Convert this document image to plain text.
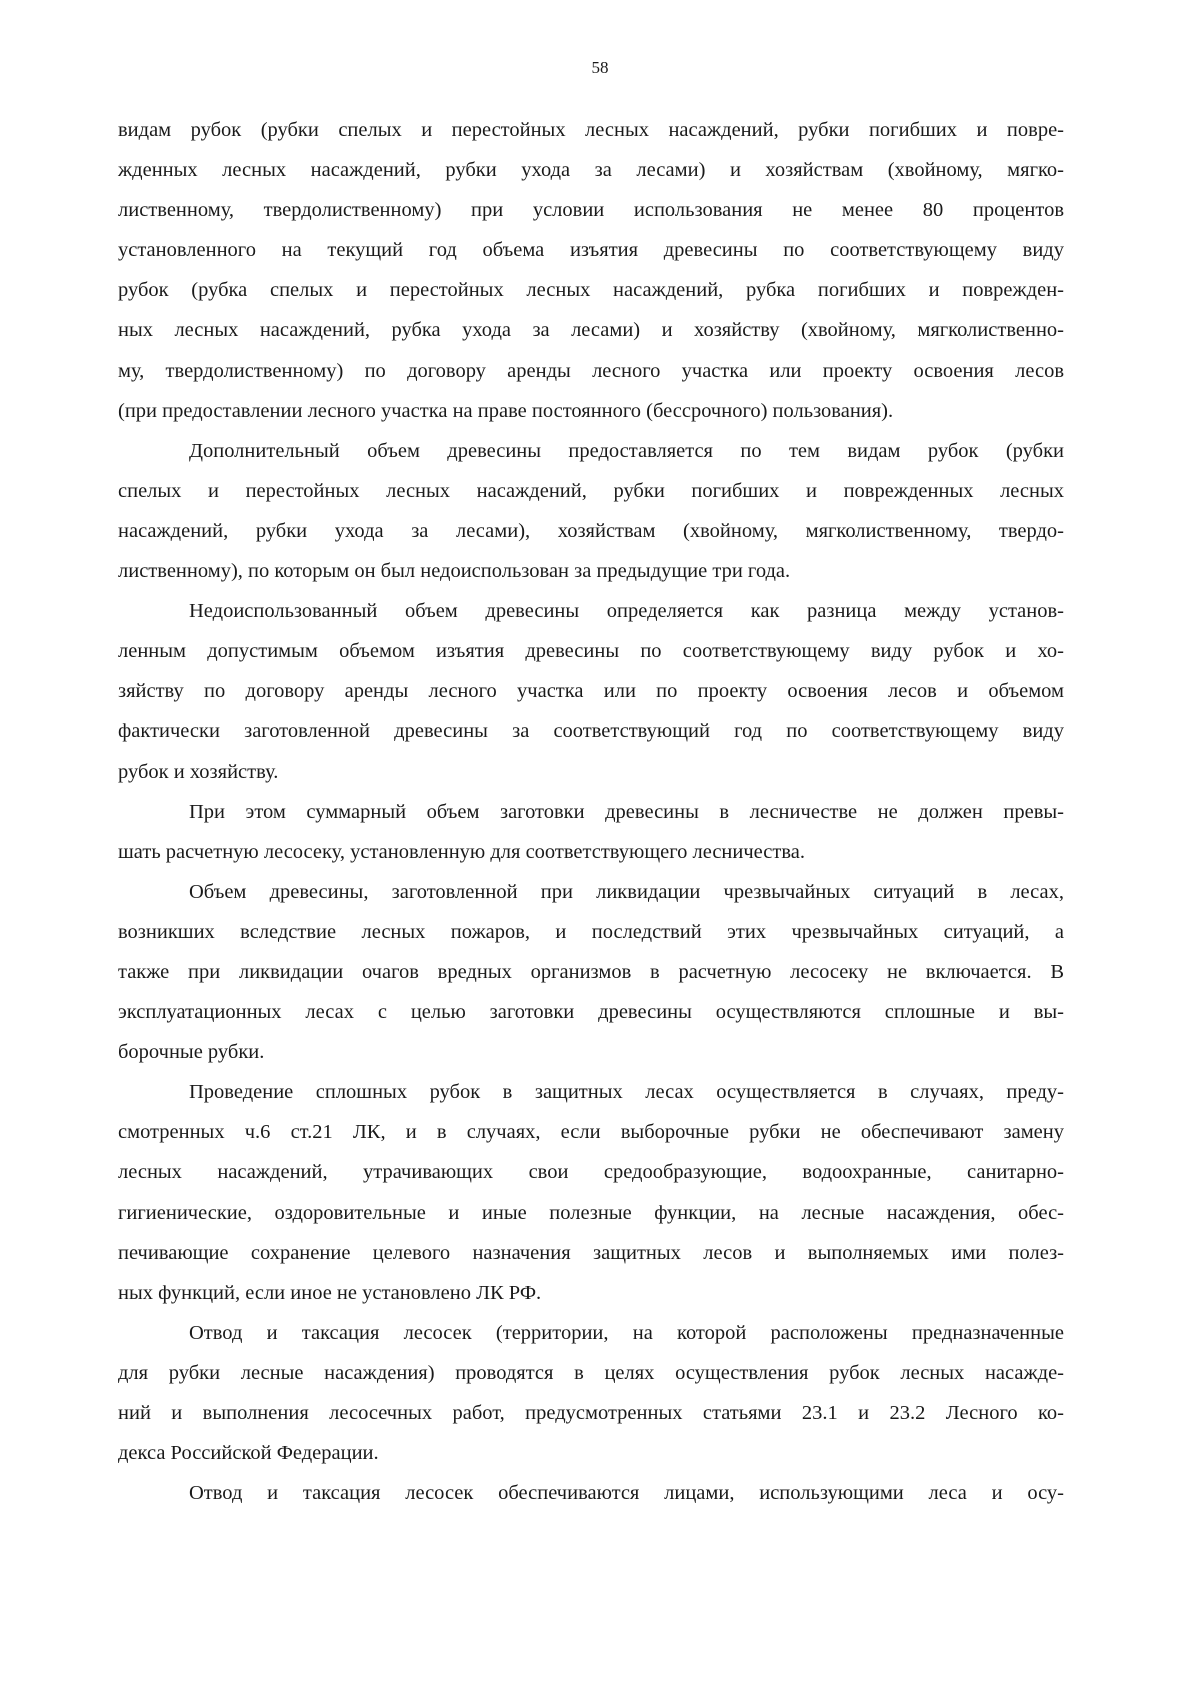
58
видам рубок (рубки спелых и перестойных лесных насаждений, рубки погибших и повре-
жденных лесных насаждений, рубки ухода за лесами) и хозяйствам (хвойному, мягко-
лиственному, твердолиственному) при условии использования не менее 80 процентов
установленного на текущий год объема изъятия древесины по соответствующему виду
рубок (рубка спелых и перестойных лесных насаждений, рубка погибших и поврежден-
ных лесных насаждений, рубка ухода за лесами) и хозяйству (хвойному, мягколиственно-
му, твердолиственному) по договору аренды лесного участка или проекту освоения лесов
(при предоставлении лесного участка на праве постоянного (бессрочного) пользования).
Дополнительный объем древесины предоставляется по тем видам рубок (рубки
спелых и перестойных лесных насаждений, рубки погибших и поврежденных лесных
насаждений, рубки ухода за лесами), хозяйствам (хвойному, мягколиственному, твердо-
лиственному), по которым он был недоиспользован за предыдущие три года.
Недоиспользованный объем древесины определяется как разница между установ-
ленным допустимым объемом изъятия древесины по соответствующему виду рубок и хо-
зяйству по договору аренды лесного участка или по проекту освоения лесов и объемом
фактически заготовленной древесины за соответствующий год по соответствующему виду
рубок и хозяйству.
При этом суммарный объем заготовки древесины в лесничестве не должен превы-
шать расчетную лесосеку, установленную для соответствующего лесничества.
Объем древесины, заготовленной при ликвидации чрезвычайных ситуаций в лесах,
возникших вследствие лесных пожаров, и последствий этих чрезвычайных ситуаций, а
также при ликвидации очагов вредных организмов в расчетную лесосеку не включается. В
эксплуатационных лесах с целью заготовки древесины осуществляются сплошные и вы-
борочные рубки.
Проведение сплошных рубок в защитных лесах осуществляется в случаях, преду-
смотренных ч.6 ст.21 ЛК, и в случаях, если выборочные рубки не обеспечивают замену
лесных насаждений, утрачивающих свои средообразующие, водоохранные, санитарно-
гигиенические, оздоровительные и иные полезные функции, на лесные насаждения, обес-
печивающие сохранение целевого назначения защитных лесов и выполняемых ими полез-
ных функций, если иное не установлено ЛК РФ.
Отвод и таксация лесосек (территории, на которой расположены предназначенные
для рубки лесные насаждения) проводятся в целях осуществления рубок лесных насажде-
ний и выполнения лесосечных работ, предусмотренных статьями 23.1 и 23.2 Лесного ко-
декса Российской Федерации.
Отвод и таксация лесосек обеспечиваются лицами, использующими леса и осу-
